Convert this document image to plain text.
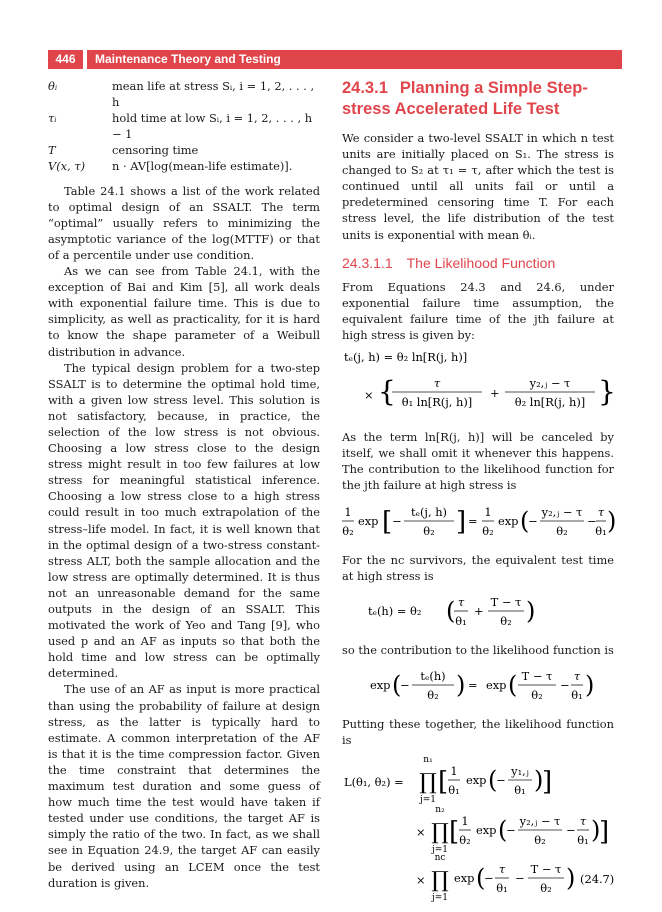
446	Maintenance Theory and Testing
θᵢ	mean life at stress Sᵢ, i = 1, 2, . . . , h
τᵢ	hold time at low Sᵢ, i = 1, 2, . . . , h − 1
T	censoring time
V(x, τ)	n · AV[log(mean-life estimate)].

Table 24.1 shows a list of the work related to optimal design of an SSALT. The term “optimal” usually refers to minimizing the asymptotic variance of the log(MTTF) or that of a percentile under use condition.

As we can see from Table 24.1, with the exception of Bai and Kim [5], all work deals with exponential failure time. This is due to simplicity, as well as practicality, for it is hard to know the shape parameter of a Weibull distribution in advance.

The typical design problem for a two-step SSALT is to determine the optimal hold time, with a given low stress level. This solution is not satisfactory, because, in practice, the selection of the low stress is not obvious. Choosing a low stress close to the design stress might result in too few failures at low stress for meaningful statistical inference. Choosing a low stress close to a high stress could result in too much extrapolation of the stress–life model. In fact, it is well known that in the optimal design of a two-stress constant-stress ALT, both the sample allocation and the low stress are optimally determined. It is thus not an unreasonable demand for the same outputs in the design of an SSALT. This motivated the work of Yeo and Tang [9], who used p and an AF as inputs so that both the hold time and low stress can be optimally determined.

The use of an AF as input is more practical than using the probability of failure at design stress, as the latter is typically hard to estimate. A common interpretation of the AF is that it is the time compression factor. Given the time constraint that determines the maximum test duration and some guess of how much time the test would have taken if tested under use conditions, the target AF is simply the ratio of the two. In fact, as we shall see in Equation 24.9, the target AF can easily be derived using an LCEM once the test duration is given.

24.3.1 Planning a Simple Step-stress Accelerated Life Test

We consider a two-level SSALT in which n test units are initially placed on S₁. The stress is changed to S₂ at τ₁ = τ, after which the test is continued until all units fail or until a predetermined censoring time T. For each stress level, the life distribution of the test units is exponential with mean θᵢ.

24.3.1.1 The Likelihood Function

From Equations 24.3 and 24.6, under exponential failure time assumption, the equivalent failure time of the jth failure at high stress is given by:

tₑ(j, h) = θ₂ ln[R(j, h)]
× {	τ
θ₁ ln[R(j, h)]
+
y₂,ⱼ − τ
θ₂ ln[R(j, h)] }

As the term ln[R(j, h)] will be canceled by itself, we shall omit it whenever this happens. The contribution to the likelihood function for the jth failure at high stress is

1
θ₂
exp [ −
tₑ(j, h)
θ₂ ] =
1
θ₂
exp (
−
y₂,ⱼ − τ
θ₂
−
τ
θ₁ )

For the nc survivors, the equivalent test time at high stress is

tₑ(h) = θ₂ ( τ
θ₁
+
T − τ
θ₂ )

so the contribution to the likelihood function is

exp (
−
tₑ(h)
θ₂ ) = exp ( T − τ
θ₂
−
τ
θ₁ )

Putting these together, the likelihood function is

L(θ₁, θ₂) =
n₁
∏
j=1
[ 1
θ₁
exp (
−
y₁,ⱼ
θ₁ )
]
×
n₂
∏
j=1
[ 1
θ₂
exp (
−
y₂,ⱼ − τ
θ₂
−
τ
θ₁ )
]
×
nc
∏
j=1
exp (
−
τ
θ₁
−
T − τ
θ₂ ) (24.7)
